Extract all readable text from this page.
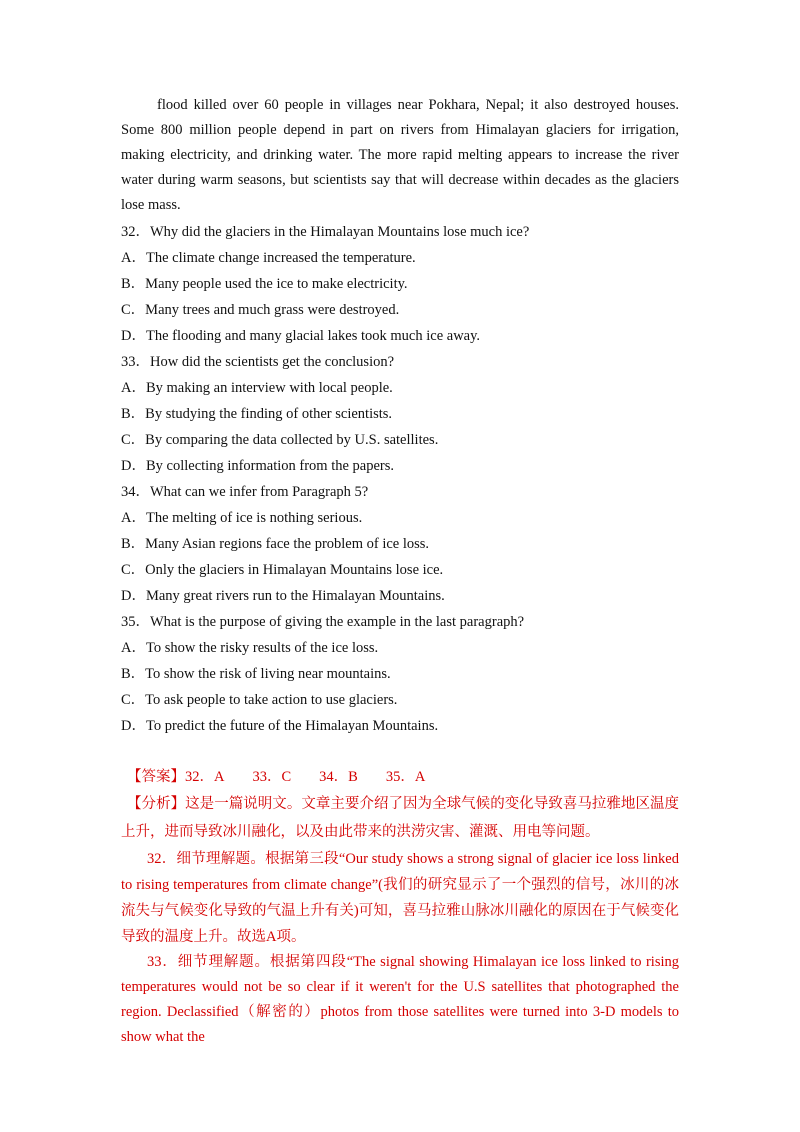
flood killed over 60 people in villages near Pokhara, Nepal; it also destroyed houses. Some 800 million people depend in part on rivers from Himalayan glaciers for irrigation, making electricity, and drinking water. The more rapid melting appears to increase the river water during warm seasons, but scientists say that will decrease within decades as the glaciers lose mass.

32．Why did the glaciers in the Himalayan Mountains lose much ice?

A．The climate change increased the temperature.

B．Many people used the ice to make electricity.

C．Many trees and much grass were destroyed.

D．The flooding and many glacial lakes took much ice away.

33．How did the scientists get the conclusion?

A．By making an interview with local people.

B．By studying the finding of other scientists.

C．By comparing the data collected by U.S. satellites.

D．By collecting information from the papers.

34．What can we infer from Paragraph 5?

A．The melting of ice is nothing serious.

B．Many Asian regions face the problem of ice loss.

C．Only the glaciers in Himalayan Mountains lose ice.

D．Many great rivers run to the Himalayan Mountains.

35．What is the purpose of giving the example in the last paragraph?

A．To show the risky results of the ice loss.

B．To show the risk of living near mountains.

C．To ask people to take action to use glaciers.

D．To predict the future of the Himalayan Mountains.

【答案】32．A 33．C 34．B 35．A

【分析】这是一篇说明文。文章主要介绍了因为全球气候的变化导致喜马拉雅地区温度上升，进而导致冰川融化，以及由此带来的洪涝灾害、灌溉、用电等问题。

32．细节理解题。根据第三段“Our study shows a strong signal of glacier ice loss linked to rising temperatures from climate change”(我们的研究显示了一个强烈的信号，冰川的冰流失与气候变化导致的气温上升有关)可知，喜马拉雅山脉冰川融化的原因在于气候变化导致的温度上升。故选A项。

33．细节理解题。根据第四段“The signal showing Himalayan ice loss linked to rising temperatures would not be so clear if it weren't for the U.S satellites that photographed the region. Declassified（解密的）photos from those satellites were turned into 3-D models to show what the
